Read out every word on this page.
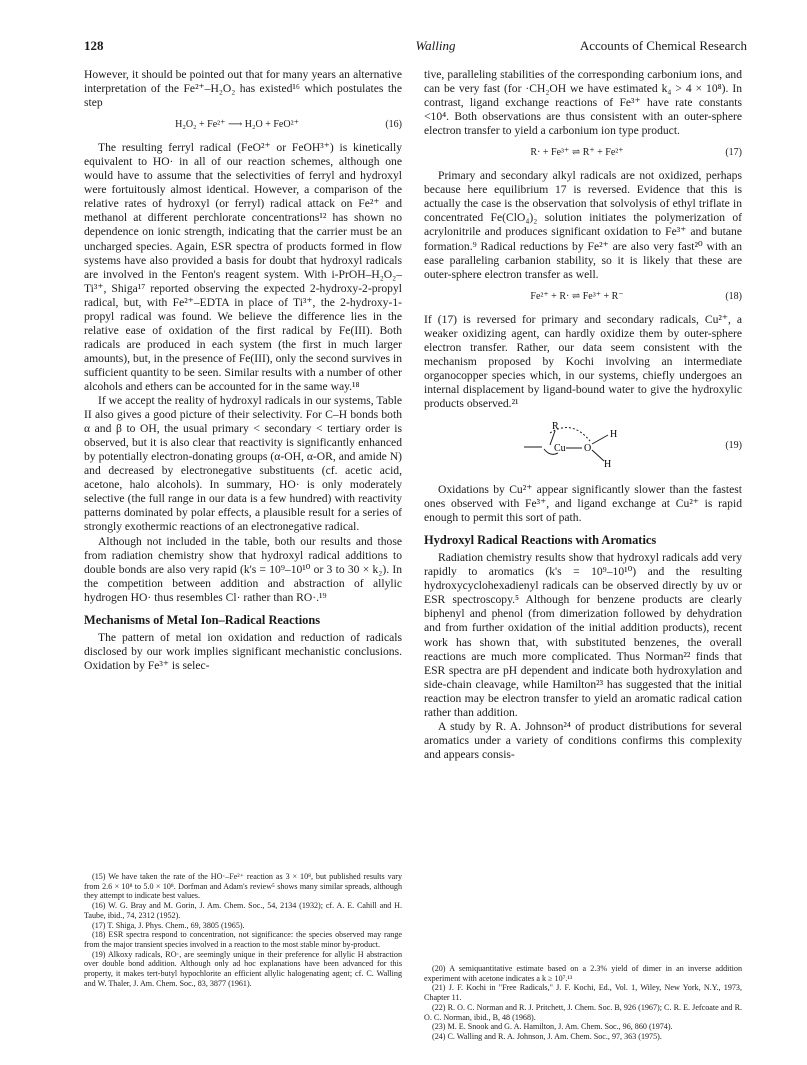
128	Walling	Accounts of Chemical Research

However, it should be pointed out that for many years an alternative interpretation of the Fe²⁺–H₂O₂ has existed¹⁶ which postulates the step

H₂O₂ + Fe²⁺ ⟶ H₂O + FeO²⁺	(16)

The resulting ferryl radical (FeO²⁺ or FeOH³⁺) is kinetically equivalent to HO· in all of our reaction schemes, although one would have to assume that the selectivities of ferryl and hydroxyl were fortuitously almost identical. However, a comparison of the relative rates of hydroxyl (or ferryl) radical attack on Fe²⁺ and methanol at different perchlorate concentrations¹² has shown no dependence on ionic strength, indicating that the carrier must be an uncharged species. Again, ESR spectra of products formed in flow systems have also provided a basis for doubt that hydroxyl radicals are involved in the Fenton's reagent system. With i-PrOH–H₂O₂–Ti³⁺, Shiga¹⁷ reported observing the expected 2-hydroxy-2-propyl radical, but, with Fe²⁺–EDTA in place of Ti³⁺, the 2-hydroxy-1-propyl radical was found. We believe the difference lies in the relative ease of oxidation of the first radical by Fe(III). Both radicals are produced in each system (the first in much larger amounts), but, in the presence of Fe(III), only the second survives in sufficient quantity to be seen. Similar results with a number of other alcohols and ethers can be accounted for in the same way.¹⁸

If we accept the reality of hydroxyl radicals in our systems, Table II also gives a good picture of their selectivity. For C–H bonds both α and β to OH, the usual primary < secondary < tertiary order is observed, but it is also clear that reactivity is significantly enhanced by potentially electron-donating groups (α-OH, α-OR, and amide N) and decreased by electronegative substituents (cf. acetic acid, acetone, halo alcohols). In summary, HO· is only moderately selective (the full range in our data is a few hundred) with reactivity patterns dominated by polar effects, a plausible result for a series of strongly exothermic reactions of an electronegative radical.

Although not included in the table, both our results and those from radiation chemistry show that hydroxyl radical additions to double bonds are also very rapid (k's = 10⁹–10¹⁰ or 3 to 30 × k₂). In the competition between addition and abstraction of allylic hydrogen HO· thus resembles Cl· rather than RO·.¹⁹

Mechanisms of Metal Ion–Radical Reactions

The pattern of metal ion oxidation and reduction of radicals disclosed by our work implies significant mechanistic conclusions. Oxidation by Fe³⁺ is selec-

(15) We have taken the rate of the HO·–Fe²⁺ reaction as 3 × 10⁸, but published results vary from 2.6 × 10⁸ to 5.0 × 10⁸. Dorfman and Adam's review⁵ shows many similar spreads, although they attempt to indicate best values.

(16) W. G. Bray and M. Gorin, J. Am. Chem. Soc., 54, 2134 (1932); cf. A. E. Cahill and H. Taube, ibid., 74, 2312 (1952).

(17) T. Shiga, J. Phys. Chem., 69, 3805 (1965).

(18) ESR spectra respond to concentration, not significance: the species observed may range from the major transient species involved in a reaction to the most stable minor by-product.

(19) Alkoxy radicals, RO·, are seemingly unique in their preference for allylic H abstraction over double bond addition. Although only ad hoc explanations have been advanced for this property, it makes tert-butyl hypochlorite an efficient allylic halogenating agent; cf. C. Walling and W. Thaler, J. Am. Chem. Soc., 83, 3877 (1961).

tive, paralleling stabilities of the corresponding carbonium ions, and can be very fast (for ·CH₂OH we have estimated k₄ > 4 × 10⁸). In contrast, ligand exchange reactions of Fe³⁺ have rate constants <10⁴. Both observations are thus consistent with an outer-sphere electron transfer to yield a carbonium ion type product.

R· + Fe³⁺ ⇌ R⁺ + Fe²⁺	(17)

Primary and secondary alkyl radicals are not oxidized, perhaps because here equilibrium 17 is reversed. Evidence that this is actually the case is the observation that solvolysis of ethyl triflate in concentrated Fe(ClO₄)₂ solution initiates the polymerization of acrylonitrile and produces significant oxidation to Fe³⁺ and butane formation.⁹ Radical reductions by Fe²⁺ are also very fast²⁰ with an ease paralleling carbanion stability, so it is likely that these are outer-sphere electron transfer as well.

Fe²⁺ + R· ⇌ Fe³⁺ + R⁻	(18)

If (17) is reversed for primary and secondary radicals, Cu²⁺, a weaker oxidizing agent, can hardly oxidize them by outer-sphere electron transfer. Rather, our data seem consistent with the mechanism proposed by Kochi involving an intermediate organocopper species which, in our systems, chiefly undergoes an internal displacement by ligand-bound water to give the hydroxylic products observed.²¹

R
Cu O
H
H
(19)

Oxidations by Cu²⁺ appear significantly slower than the fastest ones observed with Fe³⁺, and ligand exchange at Cu²⁺ is rapid enough to permit this sort of path.

Hydroxyl Radical Reactions with Aromatics

Radiation chemistry results show that hydroxyl radicals add very rapidly to aromatics (k's = 10⁹–10¹⁰) and the resulting hydroxycyclohexadienyl radicals can be observed directly by uv or ESR spectroscopy.⁵ Although for benzene products are clearly biphenyl and phenol (from dimerization followed by dehydration and from further oxidation of the initial addition products), recent work has shown that, with substituted benzenes, the overall reactions are much more complicated. Thus Norman²² finds that ESR spectra are pH dependent and indicate both hydroxylation and side-chain cleavage, while Hamilton²³ has suggested that the initial reaction may be electron transfer to yield an aromatic radical cation rather than addition.

A study by R. A. Johnson²⁴ of product distributions for several aromatics under a variety of conditions confirms this complexity and appears consis-

(20) A semiquantitative estimate based on a 2.3% yield of dimer in an inverse addition experiment with acetone indicates a k ≥ 10⁷.¹³

(21) J. F. Kochi in "Free Radicals," J. F. Kochi, Ed., Vol. 1, Wiley, New York, N.Y., 1973, Chapter 11.

(22) R. O. C. Norman and R. J. Pritchett, J. Chem. Soc. B, 926 (1967); C. R. E. Jefcoate and R. O. C. Norman, ibid., B, 48 (1968).

(23) M. E. Snook and G. A. Hamilton, J. Am. Chem. Soc., 96, 860 (1974).

(24) C. Walling and R. A. Johnson, J. Am. Chem. Soc., 97, 363 (1975).
